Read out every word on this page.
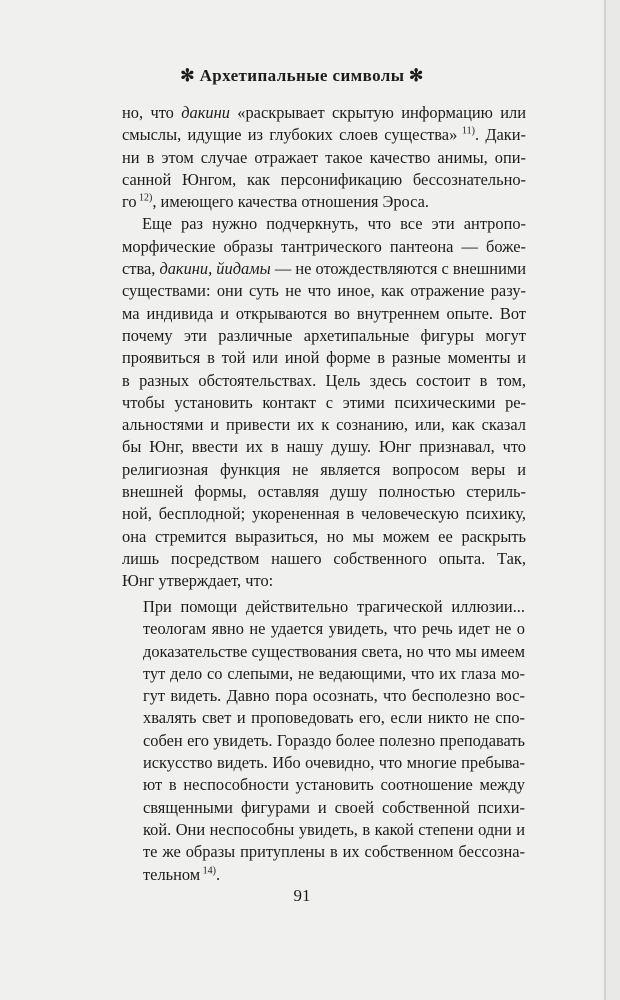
✻ Архетипальные символы ✻
но, что дакини «раскрывает скрытую информацию или
смыслы, идущие из глубоких слоев существа» $^{11)}$. Даки-
ни в этом случае отражает такое качество анимы, опи-
санной Юнгом, как персонификацию бессознательно-
го $^{12)}$, имеющего качества отношения Эроса.
Еще раз нужно подчеркнуть, что все эти антропо-
морфические образы тантрического пантеона — боже-
ства, дакини, йидамы — не отождествляются с внешними
существами: они суть не что иное, как отражение разу-
ма индивида и открываются во внутреннем опыте. Вот
почему эти различные архетипальные фигуры могут
проявиться в той или иной форме в разные моменты и
в разных обстоятельствах. Цель здесь состоит в том,
чтобы установить контакт с этими психическими ре-
альностями и привести их к сознанию, или, как сказал
бы Юнг, ввести их в нашу душу. Юнг признавал, что
религиозная функция не является вопросом веры и
внешней формы, оставляя душу полностью стериль-
ной, бесплодной; укорененная в человеческую психику,
она стремится выразиться, но мы можем ее раскрыть
лишь посредством нашего собственного опыта. Так,
Юнг утверждает, что:
При помощи действительно трагической иллюзии...
теологам явно не удается увидеть, что речь идет не о
доказательстве существования света, но что мы имеем
тут дело со слепыми, не ведающими, что их глаза мо-
гут видеть. Давно пора осознать, что бесполезно вос-
хвалять свет и проповедовать его, если никто не спо-
собен его увидеть. Гораздо более полезно преподавать
искусство видеть. Ибо очевидно, что многие пребыва-
ют в неспособности установить соотношение между
священными фигурами и своей собственной психи-
кой. Они неспособны увидеть, в какой степени одни и
те же образы притуплены в их собственном бессозна-
тельном $^{14)}$.
91
